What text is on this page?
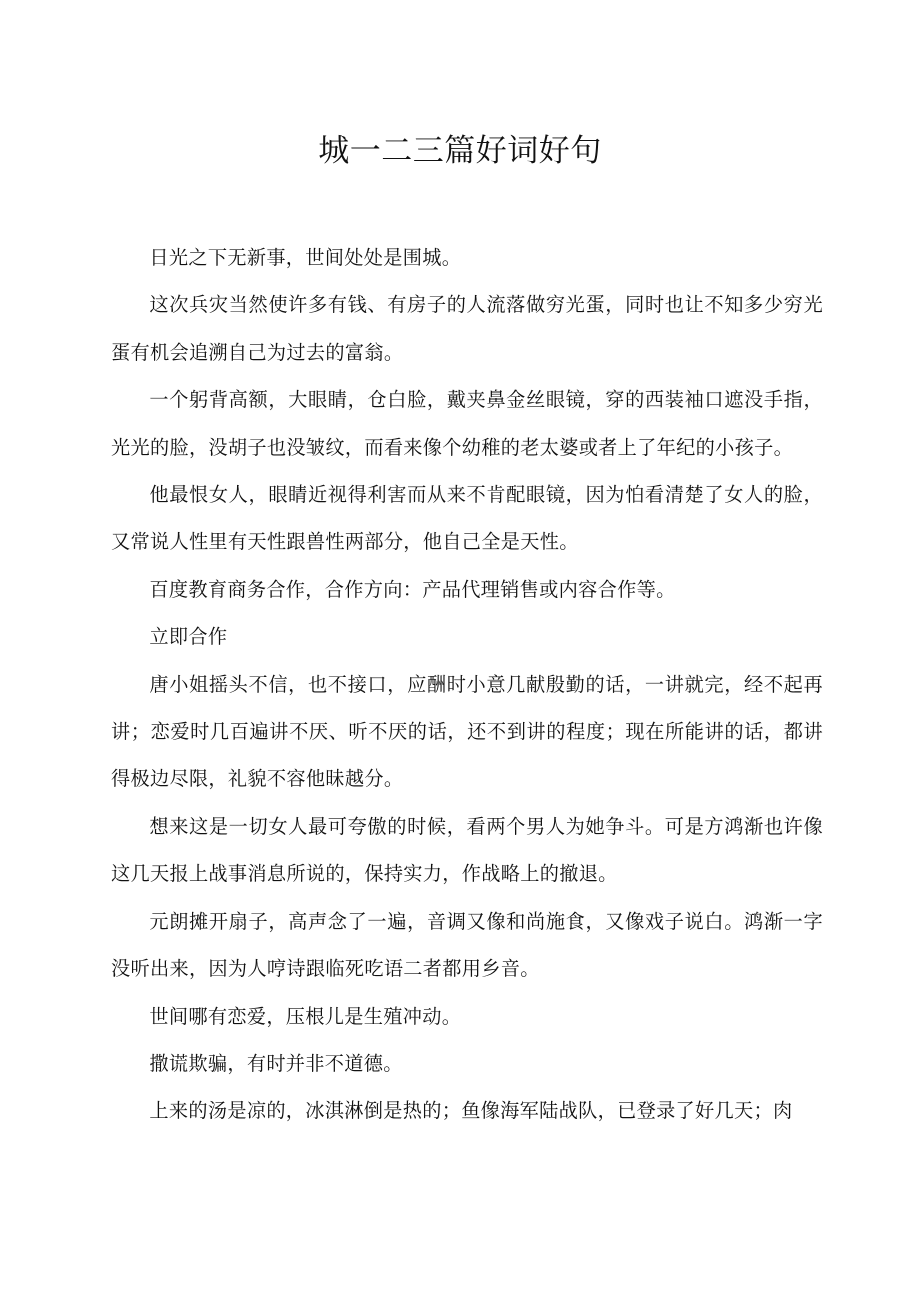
城一二三篇好词好句

日光之下无新事，世间处处是围城。

这次兵灾当然使许多有钱、有房子的人流落做穷光蛋，同时也让不知多少穷光蛋有机会追溯自己为过去的富翁。

一个躬背高额，大眼睛，仓白脸，戴夹鼻金丝眼镜，穿的西装袖口遮没手指，光光的脸，没胡子也没皱纹，而看来像个幼稚的老太婆或者上了年纪的小孩子。

他最恨女人，眼睛近视得利害而从来不肯配眼镜，因为怕看清楚了女人的脸，又常说人性里有天性跟兽性两部分，他自己全是天性。

百度教育商务合作，合作方向：产品代理销售或内容合作等。

立即合作

唐小姐摇头不信，也不接口，应酬时小意几献殷勤的话，一讲就完，经不起再讲；恋爱时几百遍讲不厌、听不厌的话，还不到讲的程度；现在所能讲的话，都讲得极边尽限，礼貌不容他昧越分。

想来这是一切女人最可夸傲的时候，看两个男人为她争斗。可是方鸿渐也许像这几天报上战事消息所说的，保持实力，作战略上的撤退。

元朗摊开扇子，高声念了一遍，音调又像和尚施食，又像戏子说白。鸿渐一字没听出来，因为人哼诗跟临死吃语二者都用乡音。

世间哪有恋爱，压根儿是生殖冲动。

撒谎欺骗，有时并非不道德。

上来的汤是凉的，冰淇淋倒是热的；鱼像海军陆战队，已登录了好几天；肉
